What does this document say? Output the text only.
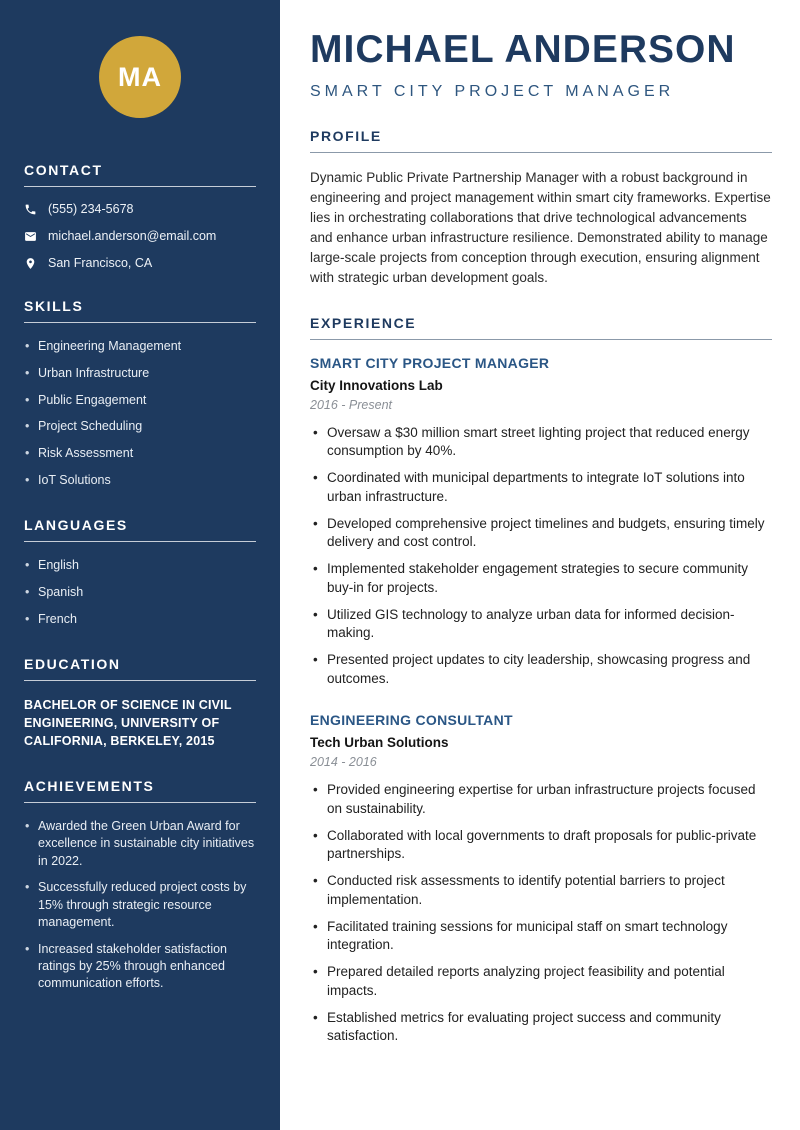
MA
CONTACT
(555) 234-5678
michael.anderson@email.com
San Francisco, CA
SKILLS
• Engineering Management
• Urban Infrastructure
• Public Engagement
• Project Scheduling
• Risk Assessment
• IoT Solutions
LANGUAGES
• English
• Spanish
• French
EDUCATION
BACHELOR OF SCIENCE IN CIVIL ENGINEERING, UNIVERSITY OF CALIFORNIA, BERKELEY, 2015
ACHIEVEMENTS
• Awarded the Green Urban Award for excellence in sustainable city initiatives in 2022.
• Successfully reduced project costs by 15% through strategic resource management.
• Increased stakeholder satisfaction ratings by 25% through enhanced communication efforts.
MICHAEL ANDERSON
SMART CITY PROJECT MANAGER
PROFILE

Dynamic Public Private Partnership Manager with a robust background in engineering and project management within smart city frameworks. Expertise lies in orchestrating collaborations that drive technological advancements and enhance urban infrastructure resilience. Demonstrated ability to manage large-scale projects from conception through execution, ensuring alignment with strategic urban development goals.

EXPERIENCE
SMART CITY PROJECT MANAGER
City Innovations Lab
2016 - Present
• Oversaw a $30 million smart street lighting project that reduced energy consumption by 40%.
• Coordinated with municipal departments to integrate IoT solutions into urban infrastructure.
• Developed comprehensive project timelines and budgets, ensuring timely delivery and cost control.
• Implemented stakeholder engagement strategies to secure community buy-in for projects.
• Utilized GIS technology to analyze urban data for informed decision-making.
• Presented project updates to city leadership, showcasing progress and outcomes.
ENGINEERING CONSULTANT
Tech Urban Solutions
2014 - 2016
• Provided engineering expertise for urban infrastructure projects focused on sustainability.
• Collaborated with local governments to draft proposals for public-private partnerships.
• Conducted risk assessments to identify potential barriers to project implementation.
• Facilitated training sessions for municipal staff on smart technology integration.
• Prepared detailed reports analyzing project feasibility and potential impacts.
• Established metrics for evaluating project success and community satisfaction.
